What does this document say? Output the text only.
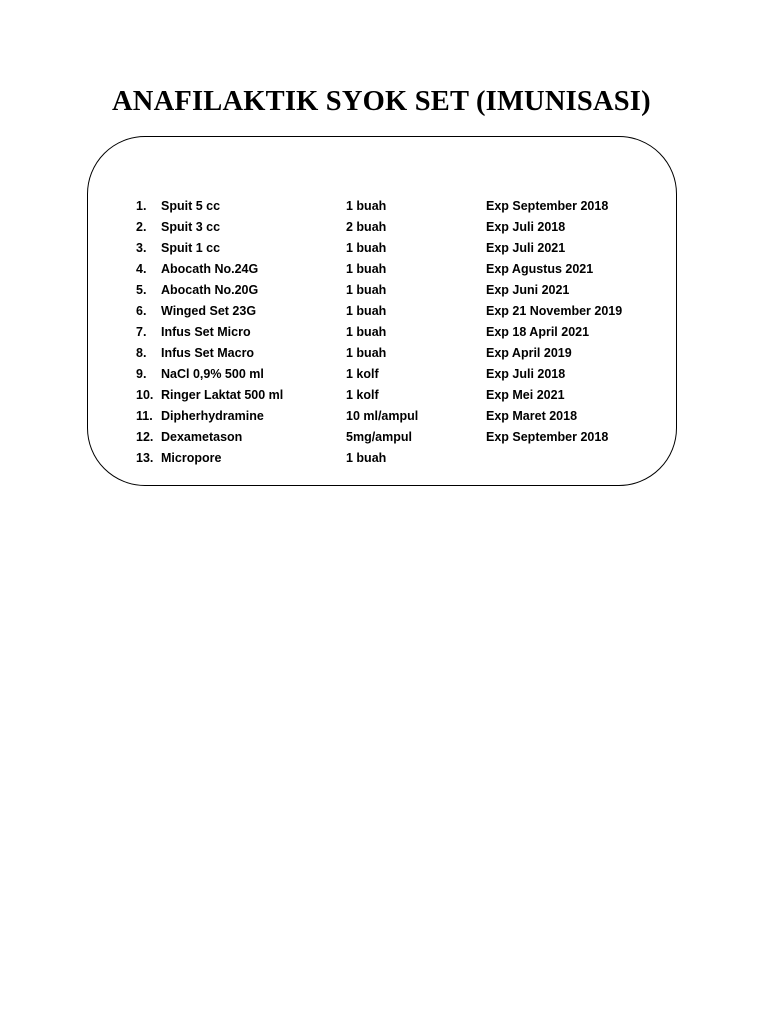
ANAFILAKTIK SYOK SET (IMUNISASI)
1. Spuit 5 cc	1 buah	Exp September 2018
2. Spuit 3 cc	2 buah	Exp Juli 2018
3. Spuit 1 cc	1 buah	Exp Juli 2021
4. Abocath No.24G	1 buah	Exp Agustus 2021
5. Abocath No.20G	1 buah	Exp Juni 2021
6. Winged Set 23G	1 buah	Exp 21 November 2019
7. Infus Set Micro	1 buah	Exp 18 April 2021
8. Infus Set Macro	1 buah	Exp April 2019
9. NaCl 0,9% 500 ml	1 kolf	Exp Juli 2018
10. Ringer Laktat 500 ml	1 kolf	Exp Mei 2021
11. Dipherhydramine	10 ml/ampul	Exp Maret 2018
12. Dexametason	5mg/ampul	Exp September 2018
13. Micropore	1 buah
